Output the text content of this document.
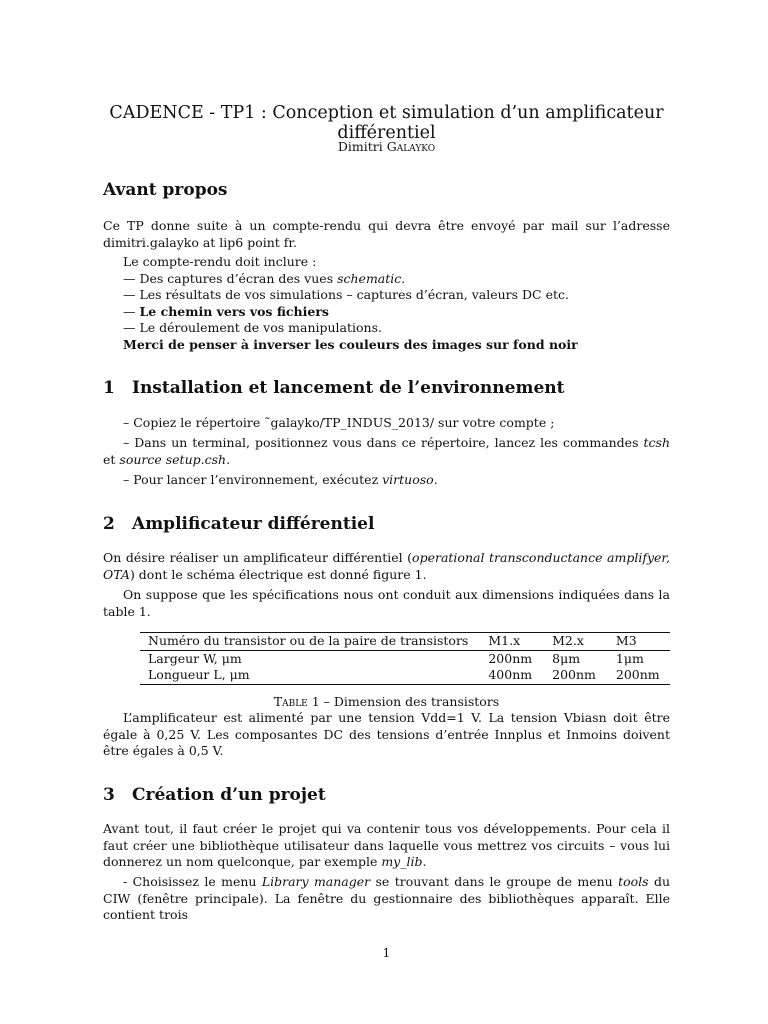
CADENCE - TP1 : Conception et simulation d’un amplificateur différentiel
Dimitri Galayko
Avant propos

Ce TP donne suite à un compte-rendu qui devra être envoyé par mail sur l’adresse dimitri.galayko at lip6 point fr.

Le compte-rendu doit inclure :
— Des captures d’écran des vues schematic.
— Les résultats de vos simulations – captures d’écran, valeurs DC etc.
— Le chemin vers vos fichiers
— Le déroulement de vos manipulations.
Merci de penser à inverser les couleurs des images sur fond noir
1 Installation et lancement de l’environnement

– Copiez le répertoire ˜galayko/TP_INDUS_2013/ sur votre compte ;

– Dans un terminal, positionnez vous dans ce répertoire, lancez les commandes tcsh et source setup.csh.

– Pour lancer l’environnement, exécutez virtuoso.

2 Amplificateur différentiel

On désire réaliser un amplificateur différentiel (operational transconductance amplifyer, OTA) dont le schéma électrique est donné figure 1.

On suppose que les spécifications nous ont conduit aux dimensions indiquées dans la table 1.

Numéro du transistor ou de la paire de transistors	M1.x	M2.x	M3
Largeur W, μm	200nm	8μm	1μm
Longueur L, μm	400nm	200nm	200nm
Table 1 – Dimension des transistors

L’amplificateur est alimenté par une tension Vdd=1 V. La tension Vbiasn doit être égale à 0,25 V. Les composantes DC des tensions d’entrée Innplus et Inmoins doivent être égales à 0,5 V.

3 Création d’un projet

Avant tout, il faut créer le projet qui va contenir tous vos développements. Pour cela il faut créer une bibliothèque utilisateur dans laquelle vous mettrez vos circuits – vous lui donnerez un nom quelconque, par exemple my_lib.

- Choisissez le menu Library manager se trouvant dans le groupe de menu tools du CIW (fenêtre principale). La fenêtre du gestionnaire des bibliothèques apparaît. Elle contient trois

1
